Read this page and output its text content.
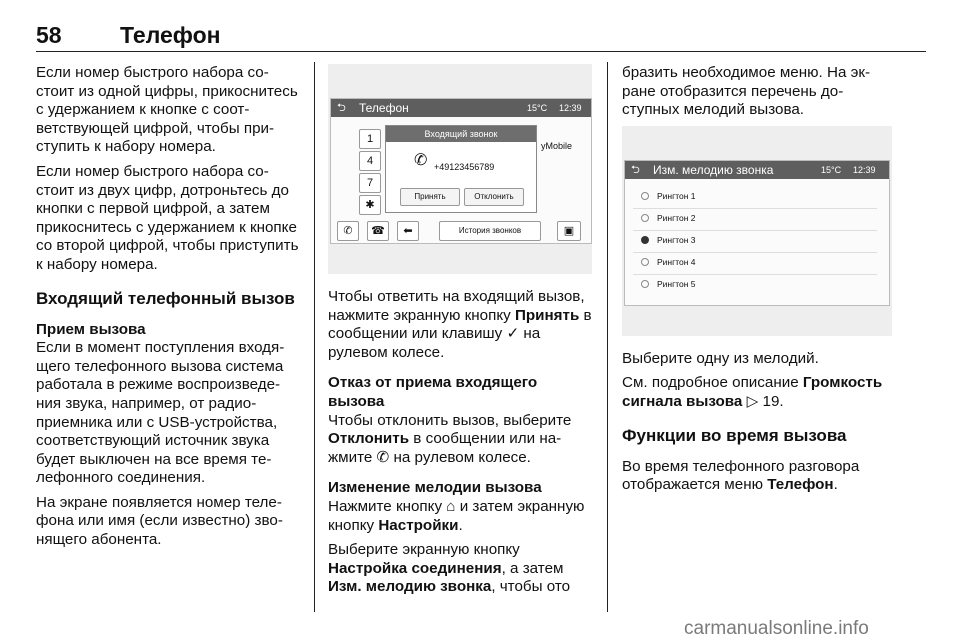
58	Телефон

Если номер быстрого набора состоит из одной цифры, прикоснитесь с удержанием к кнопке с соответствующей цифрой, чтобы приступить к набору номера.

Если номер быстрого набора состоит из двух цифр, дотроньтесь до кнопки с первой цифрой, а затем прикоснитесь с удержанием к кнопке со второй цифрой, чтобы приступить к набору номера.

Входящий телефонный вызов
Прием вызова

Если в момент поступления входящего телефонного вызова система работала в режиме воспроизведения звука, например, от радиоприемника или с USB-устройства, соответствующий источник звука будет выключен на все время телефонного соединения.

На экране появляется номер телефона или имя (если известно) звонящего абонента.

⮌ Телефон	15°C 12:39
1
4
7
✱
Входящий звонок
✆ +49123456789
Принять	Отклонить
yMobile
✆	☎	⬅	История звонков	▣

Чтобы ответить на входящий вызов, нажмите экранную кнопку Принять в сообщении или клавишу ✓ на рулевом колесе.

Отказ от приема входящего вызова

Чтобы отклонить вызов, выберите Отклонить в сообщении или нажмите ✆ на рулевом колесе.

Изменение мелодии вызова

Нажмите кнопку ⌂ и затем экранную кнопку Настройки.

Выберите экранную кнопку Настройка соединения, а затем Изм. мелодию звонка, чтобы ото

бразить необходимое меню. На экране отобразится перечень доступных мелодий вызова.

⮌ Изм. мелодию звонка	15°C 12:39
Рингтон 1
Рингтон 2
Рингтон 3
Рингтон 4
Рингтон 5

Выберите одну из мелодий.

См. подробное описание Громкость сигнала вызова ▷ 19.

Функции во время вызова

Во время телефонного разговора отображается меню Телефон.

carmanualsonline.info
